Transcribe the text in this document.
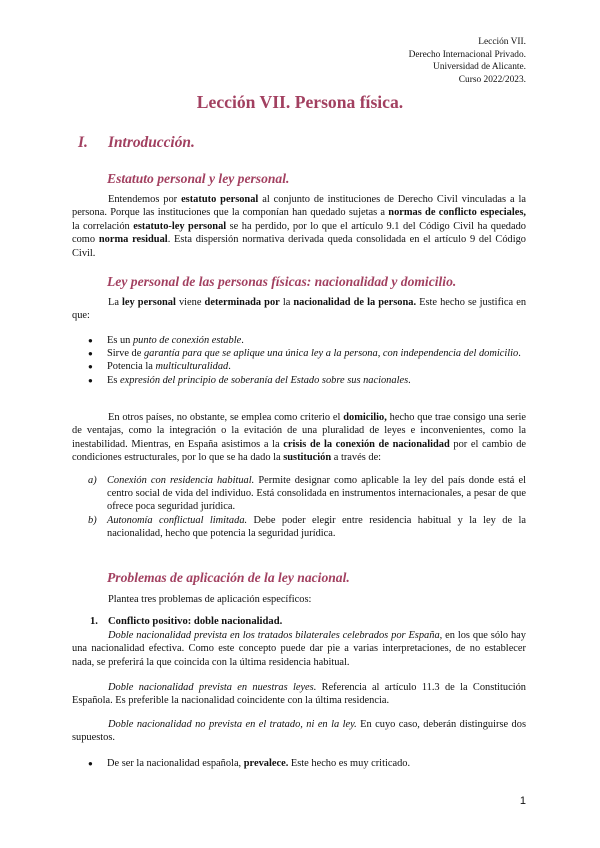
Lección VII.
Derecho Internacional Privado.
Universidad de Alicante.
Curso 2022/2023.
Lección VII. Persona física.
I. Introducción.
Estatuto personal y ley personal.
Entendemos por estatuto personal al conjunto de instituciones de Derecho Civil vinculadas a la persona. Porque las instituciones que la componían han quedado sujetas a normas de conflicto especiales, la correlación estatuto-ley personal se ha perdido, por lo que el artículo 9.1 del Código Civil ha quedado como norma residual. Esta dispersión normativa derivada queda consolidada en el artículo 9 del Código Civil.
Ley personal de las personas físicas: nacionalidad y domicilio.
La ley personal viene determinada por la nacionalidad de la persona. Este hecho se justifica en que:
● Es un punto de conexión estable.
● Sirve de garantía para que se aplique una única ley a la persona, con independencia del domicilio.
● Potencia la multiculturalidad.
● Es expresión del principio de soberanía del Estado sobre sus nacionales.
En otros países, no obstante, se emplea como criterio el domicilio, hecho que trae consigo una serie de ventajas, como la integración o la evitación de una pluralidad de leyes e inconvenientes, como la inestabilidad. Mientras, en España asistimos a la crisis de la conexión de nacionalidad por el cambio de condiciones estructurales, por lo que se ha dado la sustitución a través de:
a) Conexión con residencia habitual. Permite designar como aplicable la ley del país donde está el centro social de vida del individuo. Está consolidada en instrumentos internacionales, a pesar de que ofrece poca seguridad jurídica.
b) Autonomía conflictual limitada. Debe poder elegir entre residencia habitual y la ley de la nacionalidad, hecho que potencia la seguridad jurídica.
Problemas de aplicación de la ley nacional.
Plantea tres problemas de aplicación específicos:
1. Conflicto positivo: doble nacionalidad.
Doble nacionalidad prevista en los tratados bilaterales celebrados por España, en los que sólo hay una nacionalidad efectiva. Como este concepto puede dar pie a varias interpretaciones, de no establecer nada, se preferirá la que coincida con la última residencia habitual.
Doble nacionalidad prevista en nuestras leyes. Referencia al artículo 11.3 de la Constitución Española. Es preferible la nacionalidad coincidente con la última residencia.
Doble nacionalidad no prevista en el tratado, ni en la ley. En cuyo caso, deberán distinguirse dos supuestos.
● De ser la nacionalidad española, prevalece. Este hecho es muy criticado.
1
